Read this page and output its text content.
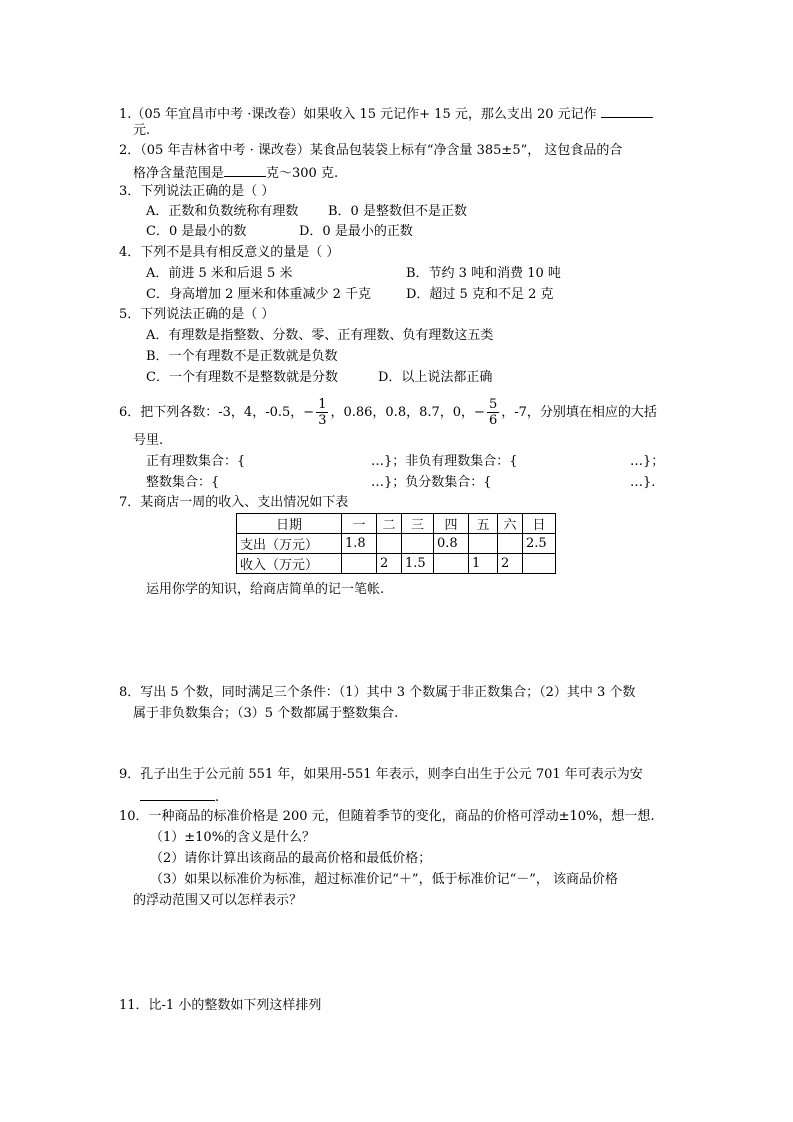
1.（05 年宜昌市中考 ·课改卷）如果收入 15 元记作+ 15 元，那么支出 20 元记作
元.
2．（05 年吉林省中考 · 课改卷）某食品包装袋上标有“净含量 385±5”， 这包食品的合
格净含量范围是	克～300 克.
3．下列说法正确的是（ ）
A．正数和负数统称有理数 B．0 是整数但不是正数
C．0 是最小的数	D．0 是最小的正数
4．下列不是具有相反意义的量是（ ）
A．前进 5 米和后退 5 米	B．节约 3 吨和消费 10 吨
C．身高增加 2 厘米和体重减少 2 千克	D．超过 5 克和不足 2 克
5．下列说法正确的是（ ）
A．有理数是指整数、分数、零、正有理数、负有理数这五类
B．一个有理数不是正数就是负数
C．一个有理数不是整数就是分数	D．以上说法都正确
6．把下列各数：-3，4，-0.5，− $\frac{1}{3}$ ，0.86，0.8，8.7，0，− $\frac{5}{6}$ ，-7，分别填在相应的大括
号里.
正有理数集合：{	…}；非负有理数集合：{	…}；
整数集合：{	…}；负分数集合：{	…}.
7．某商店一周的收入、支出情况如下表
日期	一	二	三	四	五	六	日
支出（万元）	1.8			0.8			2.5
收入（万元）		2	1.5		1	2	
运用你学的知识，给商店简单的记一笔帐.
8．写出 5 个数，同时满足三个条件：（1）其中 3 个数属于非正数集合；（2）其中 3 个数
属于非负数集合；（3）5 个数都属于整数集合.
9．孔子出生于公元前 551 年，如果用-551 年表示，则李白出生于公元 701 年可表示为安
.
10．一种商品的标准价格是 200 元，但随着季节的变化，商品的价格可浮动±10%，想一想.
（1）±10%的含义是什么？
（2）请你计算出该商品的最高价格和最低价格；
（3）如果以标准价为标准，超过标准价记“＋”，低于标准价记“－”， 该商品价格
的浮动范围又可以怎样表示？
11．比-1 小的整数如下列这样排列
